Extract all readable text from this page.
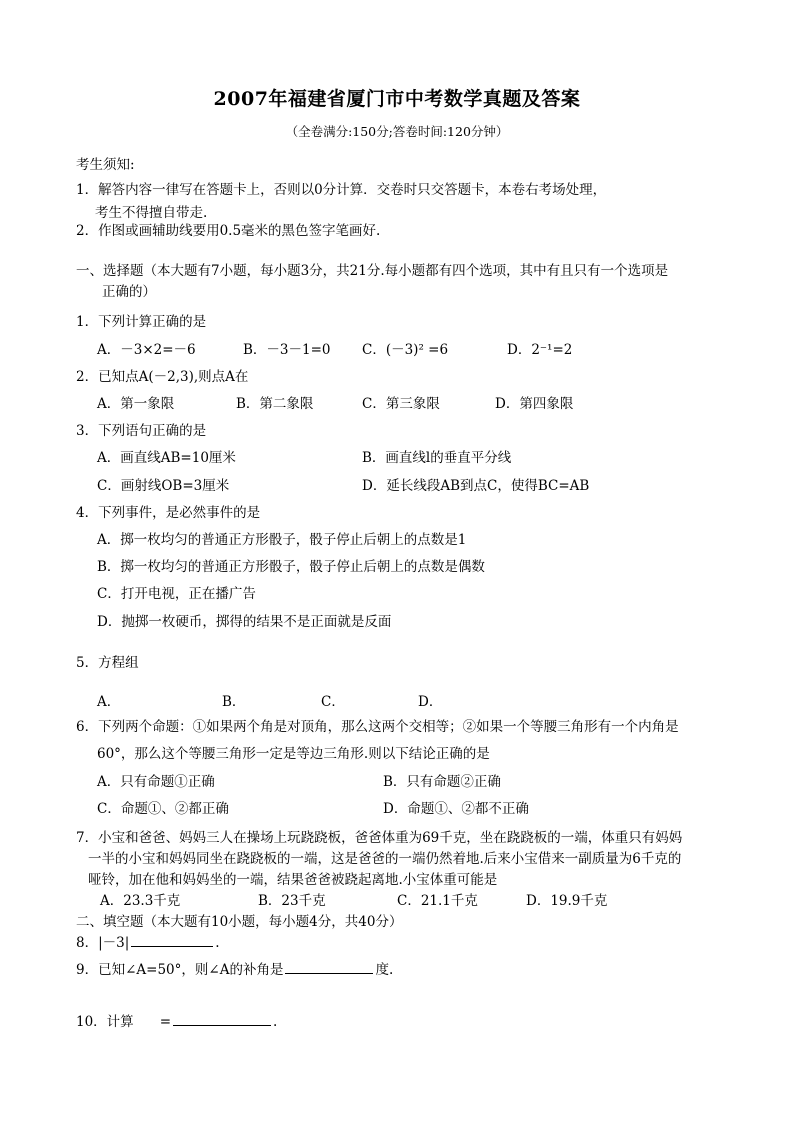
2007年福建省厦门市中考数学真题及答案
（全卷满分:150分;答卷时间:120分钟）
考生须知:
1．解答内容一律写在答题卡上，否则以0分计算．交卷时只交答题卡，本卷右考场处理，
考生不得擅自带走.
2．作图或画辅助线要用0.5毫米的黑色签字笔画好.
一、选择题（本大题有7小题，每小题3分，共21分.每小题都有四个选项，其中有且只有一个选项是
正确的）
1．下列计算正确的是
A．－3×2=－6	B．－3－1=0 C．(－3)² =6	D．2⁻¹=2
2．已知点A(－2,3),则点A在
A．第一象限	B．第二象限	C．第三象限	D．第四象限
3．下列语句正确的是
A．画直线AB=10厘米	B．画直线l的垂直平分线
C．画射线OB=3厘米	D．延长线段AB到点C，使得BC=AB
4．下列事件，是必然事件的是
A．掷一枚均匀的普通正方形骰子，骰子停止后朝上的点数是1
B．掷一枚均匀的普通正方形骰子，骰子停止后朝上的点数是偶数
C．打开电视，正在播广告
D．抛掷一枚硬币，掷得的结果不是正面就是反面
5．方程组
A．	B．	C．	D．
6．下列两个命题：①如果两个角是对顶角，那么这两个交相等；②如果一个等腰三角形有一个内角是
60°，那么这个等腰三角形一定是等边三角形.则以下结论正确的是
A．只有命题①正确	B．只有命题②正确
C．命题①、②都正确	D．命题①、②都不正确
7．小宝和爸爸、妈妈三人在操场上玩跷跷板，爸爸体重为69千克，坐在跷跷板的一端，体重只有妈妈
一半的小宝和妈妈同坐在跷跷板的一端，这是爸爸的一端仍然着地.后来小宝借来一副质量为6千克的
哑铃，加在他和妈妈坐的一端，结果爸爸被跷起离地.小宝体重可能是
A．23.3千克	B．23千克	C．21.1千克	D．19.9千克
二、填空题（本大题有10小题，每小题4分，共40分）
8．|－3|	.
9．已知∠A=50°，则∠A的补角是	度.
10．计算 =	.
